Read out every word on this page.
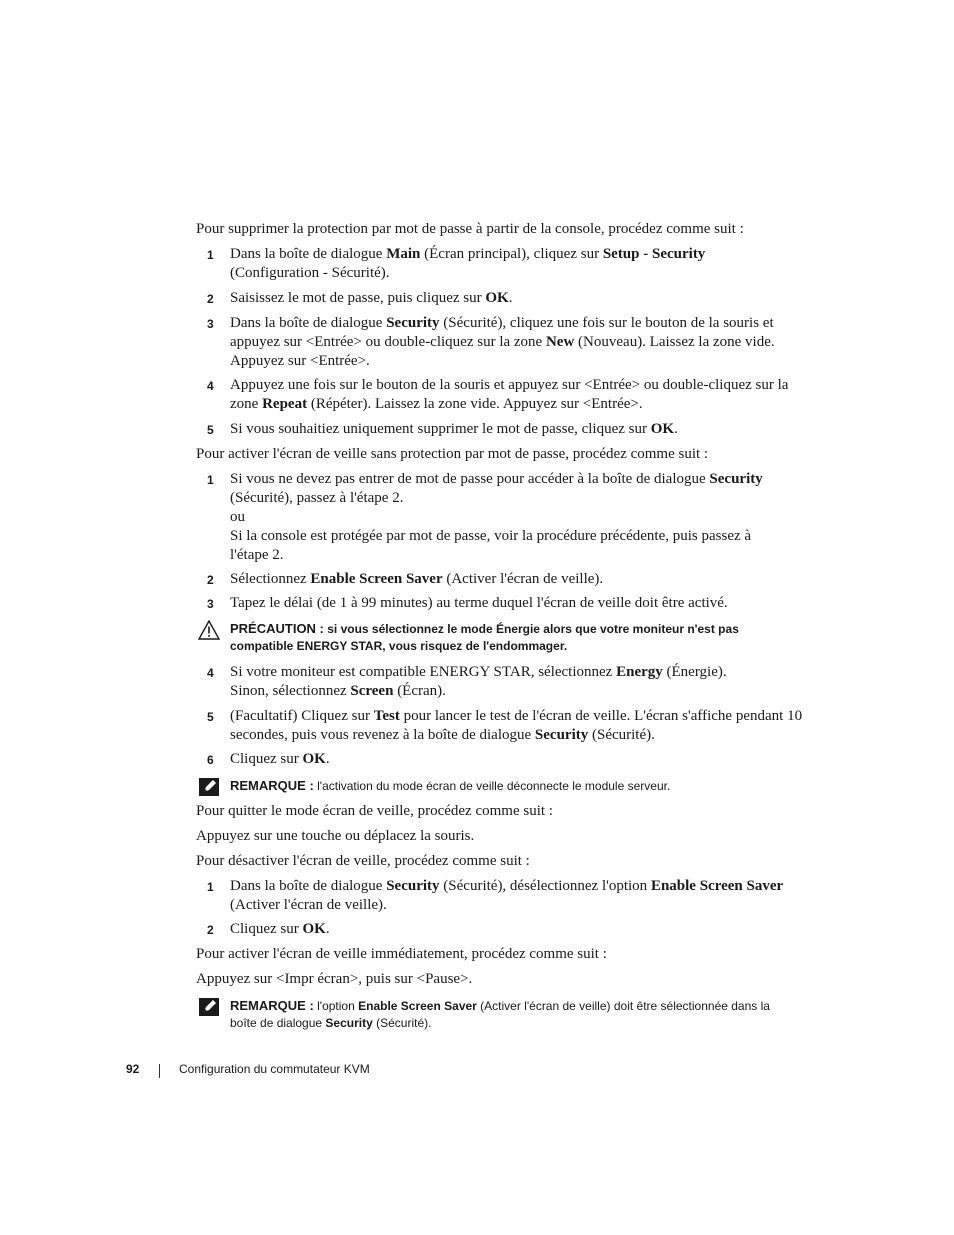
Pour supprimer la protection par mot de passe à partir de la console, procédez comme suit :
1 Dans la boîte de dialogue Main (Écran principal), cliquez sur Setup - Security (Configuration - Sécurité).
2 Saisissez le mot de passe, puis cliquez sur OK.
3 Dans la boîte de dialogue Security (Sécurité), cliquez une fois sur le bouton de la souris et appuyez sur <Entrée> ou double-cliquez sur la zone New (Nouveau). Laissez la zone vide. Appuyez sur <Entrée>.
4 Appuyez une fois sur le bouton de la souris et appuyez sur <Entrée> ou double-cliquez sur la zone Repeat (Répéter). Laissez la zone vide. Appuyez sur <Entrée>.
5 Si vous souhaitiez uniquement supprimer le mot de passe, cliquez sur OK.
Pour activer l'écran de veille sans protection par mot de passe, procédez comme suit :
1 Si vous ne devez pas entrer de mot de passe pour accéder à la boîte de dialogue Security (Sécurité), passez à l'étape 2.
ou
Si la console est protégée par mot de passe, voir la procédure précédente, puis passez à l'étape 2.
2 Sélectionnez Enable Screen Saver (Activer l'écran de veille).
3 Tapez le délai (de 1 à 99 minutes) au terme duquel l'écran de veille doit être activé.
PRÉCAUTION : si vous sélectionnez le mode Énergie alors que votre moniteur n'est pas compatible ENERGY STAR, vous risquez de l'endommager.
4 Si votre moniteur est compatible ENERGY STAR, sélectionnez Energy (Énergie). Sinon, sélectionnez Screen (Écran).
5 (Facultatif) Cliquez sur Test pour lancer le test de l'écran de veille. L'écran s'affiche pendant 10 secondes, puis vous revenez à la boîte de dialogue Security (Sécurité).
6 Cliquez sur OK.
REMARQUE : l'activation du mode écran de veille déconnecte le module serveur.
Pour quitter le mode écran de veille, procédez comme suit :
Appuyez sur une touche ou déplacez la souris.
Pour désactiver l'écran de veille, procédez comme suit :
1 Dans la boîte de dialogue Security (Sécurité), désélectionnez l'option Enable Screen Saver (Activer l'écran de veille).
2 Cliquez sur OK.
Pour activer l'écran de veille immédiatement, procédez comme suit :
Appuyez sur <Impr écran>, puis sur <Pause>.
REMARQUE : l'option Enable Screen Saver (Activer l'écran de veille) doit être sélectionnée dans la boîte de dialogue Security (Sécurité).
92	Configuration du commutateur KVM
